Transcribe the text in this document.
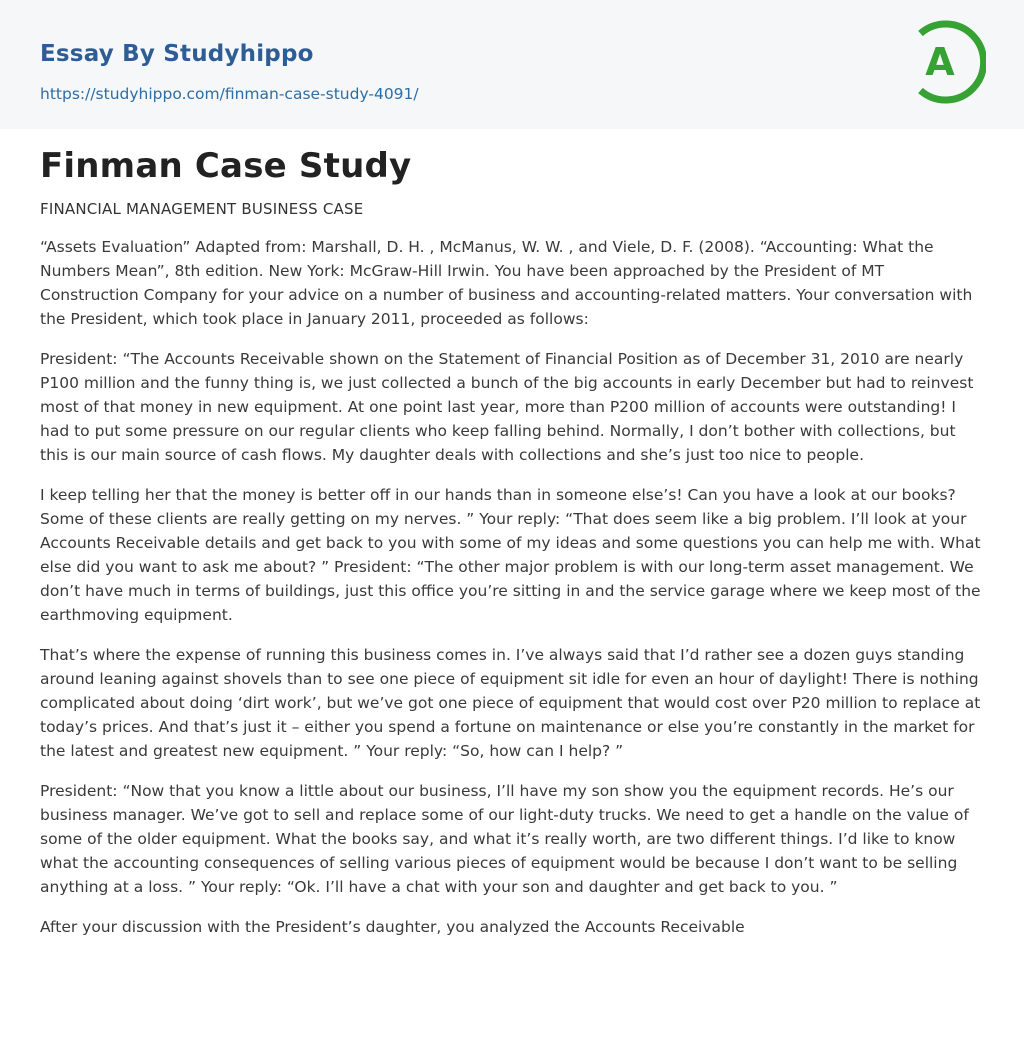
Essay By Studyhippo
https://studyhippo.com/finman-case-study-4091/
A
Finman Case Study
FINANCIAL MANAGEMENT BUSINESS CASE

“Assets Evaluation” Adapted from: Marshall, D. H. , McManus, W. W. , and Viele, D. F. (2008). “Accounting: What the Numbers Mean”, 8th edition. New York: McGraw-Hill Irwin. You have been approached by the President of MT Construction Company for your advice on a number of business and accounting-related matters. Your conversation with the President, which took place in January 2011, proceeded as follows:

President: “The Accounts Receivable shown on the Statement of Financial Position as of December 31, 2010 are nearly P100 million and the funny thing is, we just collected a bunch of the big accounts in early December but had to reinvest most of that money in new equipment. At one point last year, more than P200 million of accounts were outstanding! I had to put some pressure on our regular clients who keep falling behind. Normally, I don’t bother with collections, but this is our main source of cash flows. My daughter deals with collections and she’s just too nice to people.

I keep telling her that the money is better off in our hands than in someone else’s! Can you have a look at our books? Some of these clients are really getting on my nerves. ” Your reply: “That does seem like a big problem. I’ll look at your Accounts Receivable details and get back to you with some of my ideas and some questions you can help me with. What else did you want to ask me about? ” President: “The other major problem is with our long-term asset management. We don’t have much in terms of buildings, just this office you’re sitting in and the service garage where we keep most of the earthmoving equipment.

That’s where the expense of running this business comes in. I’ve always said that I’d rather see a dozen guys standing around leaning against shovels than to see one piece of equipment sit idle for even an hour of daylight! There is nothing complicated about doing ‘dirt work’, but we’ve got one piece of equipment that would cost over P20 million to replace at today’s prices. And that’s just it – either you spend a fortune on maintenance or else you’re constantly in the market for the latest and greatest new equipment. ” Your reply: “So, how can I help? ”

President: “Now that you know a little about our business, I’ll have my son show you the equipment records. He’s our business manager. We’ve got to sell and replace some of our light-duty trucks. We need to get a handle on the value of some of the older equipment. What the books say, and what it’s really worth, are two different things. I’d like to know what the accounting consequences of selling various pieces of equipment would be because I don’t want to be selling anything at a loss. ” Your reply: “Ok. I’ll have a chat with your son and daughter and get back to you. ”

After your discussion with the President’s daughter, you analyzed the Accounts Receivable
